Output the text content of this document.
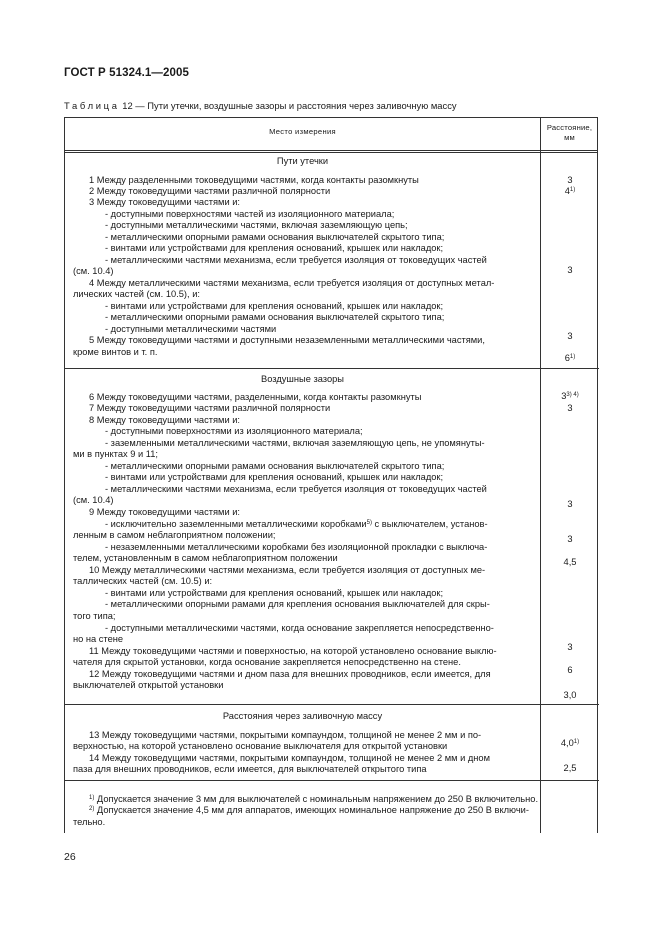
ГОСТ Р 51324.1—2005
Таблица 12 — Пути утечки, воздушные зазоры и расстояния через заливочную массу
Место измерения	Расстояние,
мм
Пути утечки
1 Между разделенными токоведущими частями, когда контакты разомкнуты
2 Между токоведущими частями различной полярности
3 Между токоведущими частями и:
- доступными поверхностями частей из изоляционного материала;
- доступными металлическими частями, включая заземляющую цепь;
- металлическими опорными рамами основания выключателей скрытого типа;
- винтами или устройствами для крепления оснований, крышек или накладок;
- металлическими частями механизма, если требуется изоляция от токоведущих частей
(см. 10.4)
4 Между металлическими частями механизма, если требуется изоляция от доступных метал-
лических частей (см. 10.5), и:
- винтами или устройствами для крепления оснований, крышек или накладок;
- металлическими опорными рамами основания выключателей скрытого типа;
- доступными металлическими частями
5 Между токоведущими частями и доступными незаземленными металлическими частями,
кроме винтов и т. п.
3
4$^{1)}$
3
3
6$^{1)}$
Воздушные зазоры
6 Между токоведущими частями, разделенными, когда контакты разомкнуты
7 Между токоведущими частями различной полярности
8 Между токоведущими частями и:
- доступными поверхностями из изоляционного материала;
- заземленными металлическими частями, включая заземляющую цепь, не упомянуты-
ми в пунктах 9 и 11;
- металлическими опорными рамами основания выключателей скрытого типа;
- винтами или устройствами для крепления оснований, крышек или накладок;
- металлическими частями механизма, если требуется изоляция от токоведущих частей
(см. 10.4)
9 Между токоведущими частями и:
- исключительно заземленными металлическими коробками$^{5)}$ с выключателем, установ-
ленным в самом неблагоприятном положении;
- незаземленными металлическими коробками без изоляционной прокладки с выключа-
телем, установленным в самом неблагоприятном положении
10 Между металлическими частями механизма, если требуется изоляция от доступных ме-
таллических частей (см. 10.5) и:
- винтами или устройствами для крепления оснований, крышек или накладок;
- металлическими опорными рамами для крепления основания выключателей для скры-
того типа;
- доступными металлическими частями, когда основание закрепляется непосредственно-
но на стене
11 Между токоведущими частями и поверхностью, на которой установлено основание выклю-
чателя для скрытой установки, когда основание закрепляется непосредственно на стене.
12 Между токоведущими частями и дном паза для внешних проводников, если имеется, для
выключателей открытой установки
$3^{3) 4)}$
3
3
3
4,5
3
6
3,0
Расстояния через заливочную массу
13 Между токоведущими частями, покрытыми компаундом, толщиной не менее 2 мм и по-
верхностью, на которой установлено основание выключателя для открытой установки
14 Между токоведущими частями, покрытыми компаундом, толщиной не менее 2 мм и дном
паза для внешних проводников, если имеется, для выключателей открытого типа
4,0$^{1)}$
2,5
$^{1)}$ Допускается значение 3 мм для выключателей с номинальным напряжением до 250 В включительно.
$^{2)}$ Допускается значение 4,5 мм для аппаратов, имеющих номинальное напряжение до 250 В включи-
тельно.
26
